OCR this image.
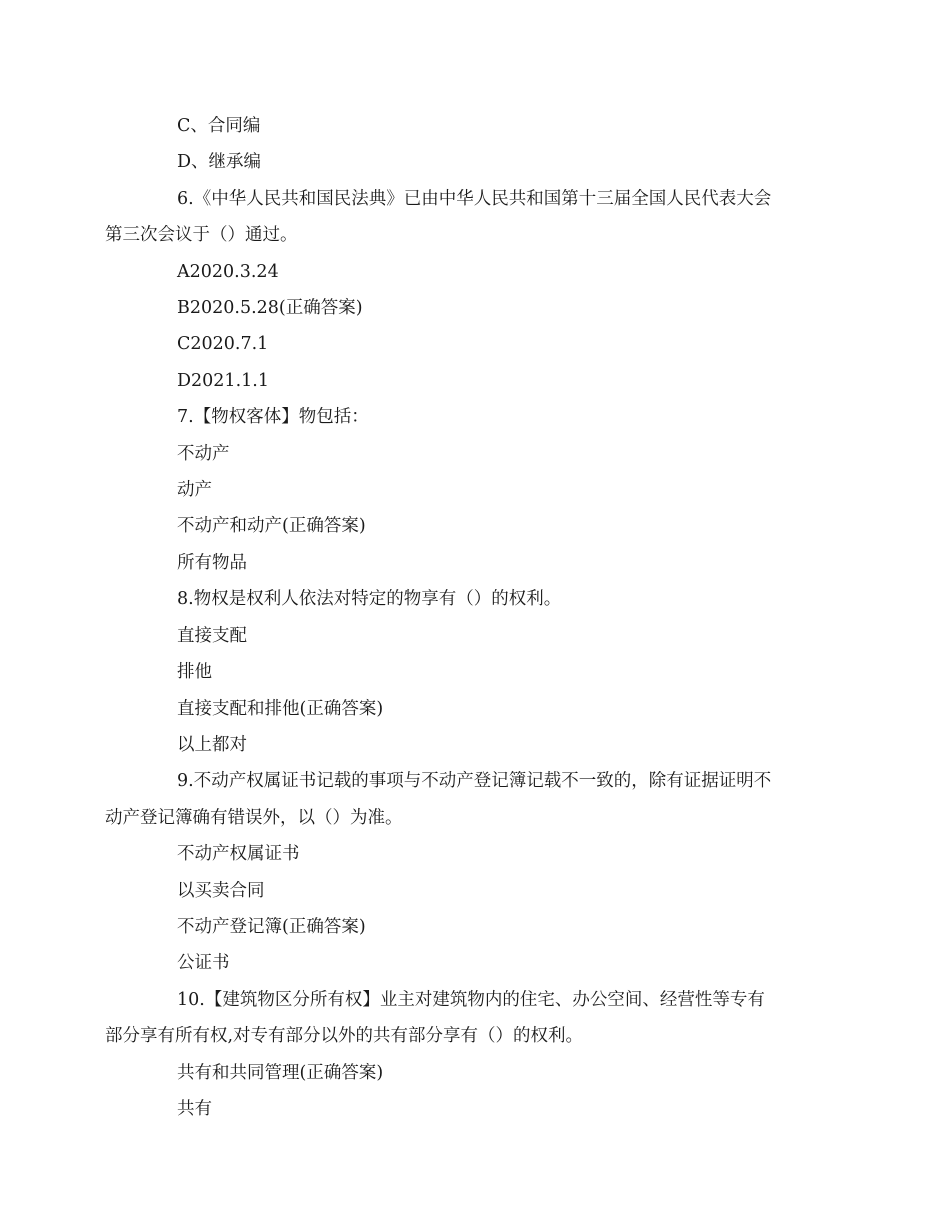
C、合同编
D、继承编
6.《中华人民共和国民法典》已由中华人民共和国第十三届全国人民代表大会
第三次会议于（）通过。
A2020.3.24
B2020.5.28(正确答案)
C2020.7.1
D2021.1.1
7.【物权客体】物包括：
不动产
动产
不动产和动产(正确答案)
所有物品
8.物权是权利人依法对特定的物享有（）的权利。
直接支配
排他
直接支配和排他(正确答案)
以上都对
9.不动产权属证书记载的事项与不动产登记簿记载不一致的，除有证据证明不
动产登记簿确有错误外，以（）为准。
不动产权属证书
以买卖合同
不动产登记簿(正确答案)
公证书
10.【建筑物区分所有权】业主对建筑物内的住宅、办公空间、经营性等专有
部分享有所有权,对专有部分以外的共有部分享有（）的权利。
共有和共同管理(正确答案)
共有
